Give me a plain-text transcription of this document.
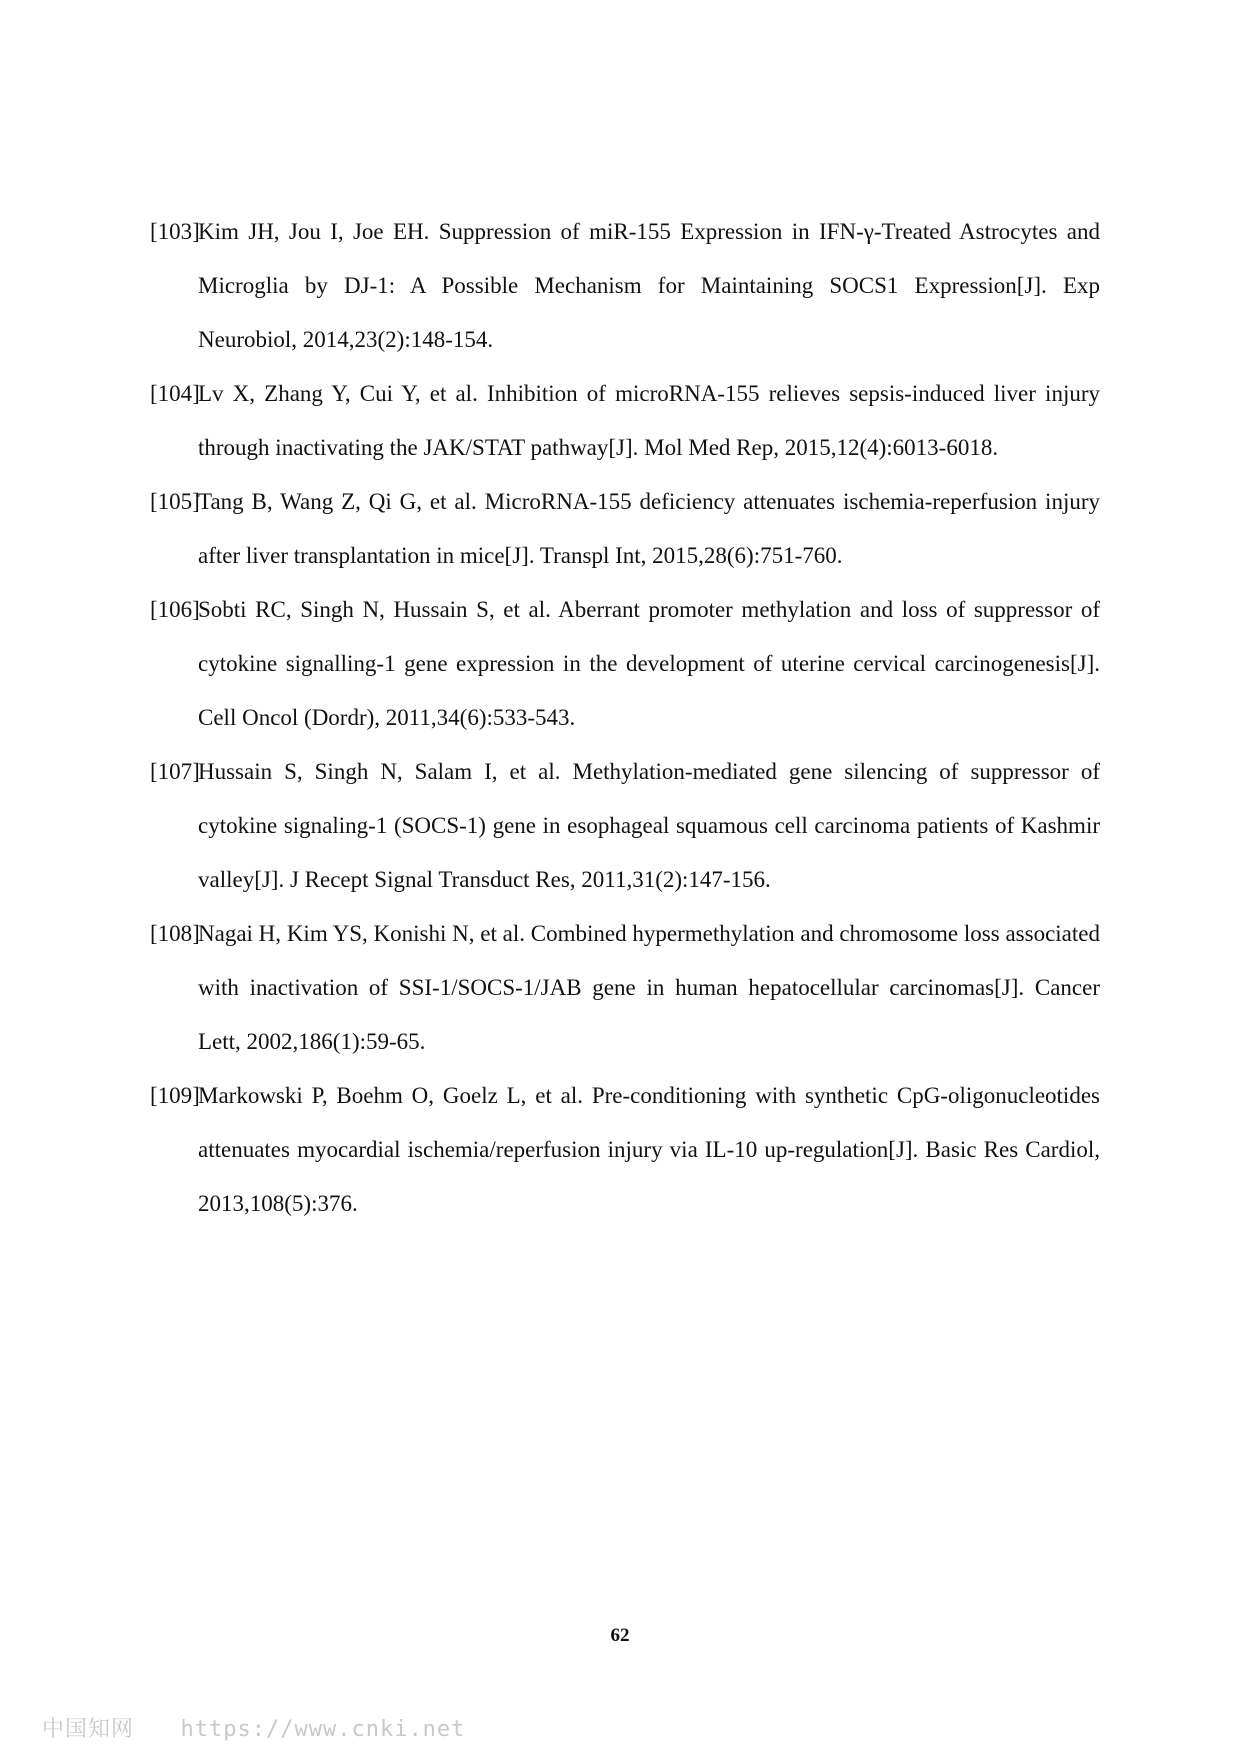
[103]
Kim JH, Jou I, Joe EH. Suppression of miR-155 Expression in IFN-γ-Treated Astrocytes and Microglia by DJ-1: A Possible Mechanism for Maintaining SOCS1 Expression[J]. Exp Neurobiol, 2014,23(2):148-154.
[104]
Lv X, Zhang Y, Cui Y, et al. Inhibition of microRNA-155 relieves sepsis-induced liver injury through inactivating the JAK/STAT pathway[J]. Mol Med Rep, 2015,12(4):6013-6018.
[105]
Tang B, Wang Z, Qi G, et al. MicroRNA-155 deficiency attenuates ischemia-reperfusion injury after liver transplantation in mice[J]. Transpl Int, 2015,28(6):751-760.
[106]
Sobti RC, Singh N, Hussain S, et al. Aberrant promoter methylation and loss of suppressor of cytokine signalling-1 gene expression in the development of uterine cervical carcinogenesis[J]. Cell Oncol (Dordr), 2011,34(6):533-543.
[107]
Hussain S, Singh N, Salam I, et al. Methylation-mediated gene silencing of suppressor of cytokine signaling-1 (SOCS-1) gene in esophageal squamous cell carcinoma patients of Kashmir valley[J]. J Recept Signal Transduct Res, 2011,31(2):147-156.
[108]
Nagai H, Kim YS, Konishi N, et al. Combined hypermethylation and chromosome loss associated with inactivation of SSI-1/SOCS-1/JAB gene in human hepatocellular carcinomas[J]. Cancer Lett, 2002,186(1):59-65.
[109]
Markowski P, Boehm O, Goelz L, et al. Pre-conditioning with synthetic CpG-oligonucleotides attenuates myocardial ischemia/reperfusion injury via IL-10 up-regulation[J]. Basic Res Cardiol, 2013,108(5):376.
62
中国知网 https://www.cnki.net
